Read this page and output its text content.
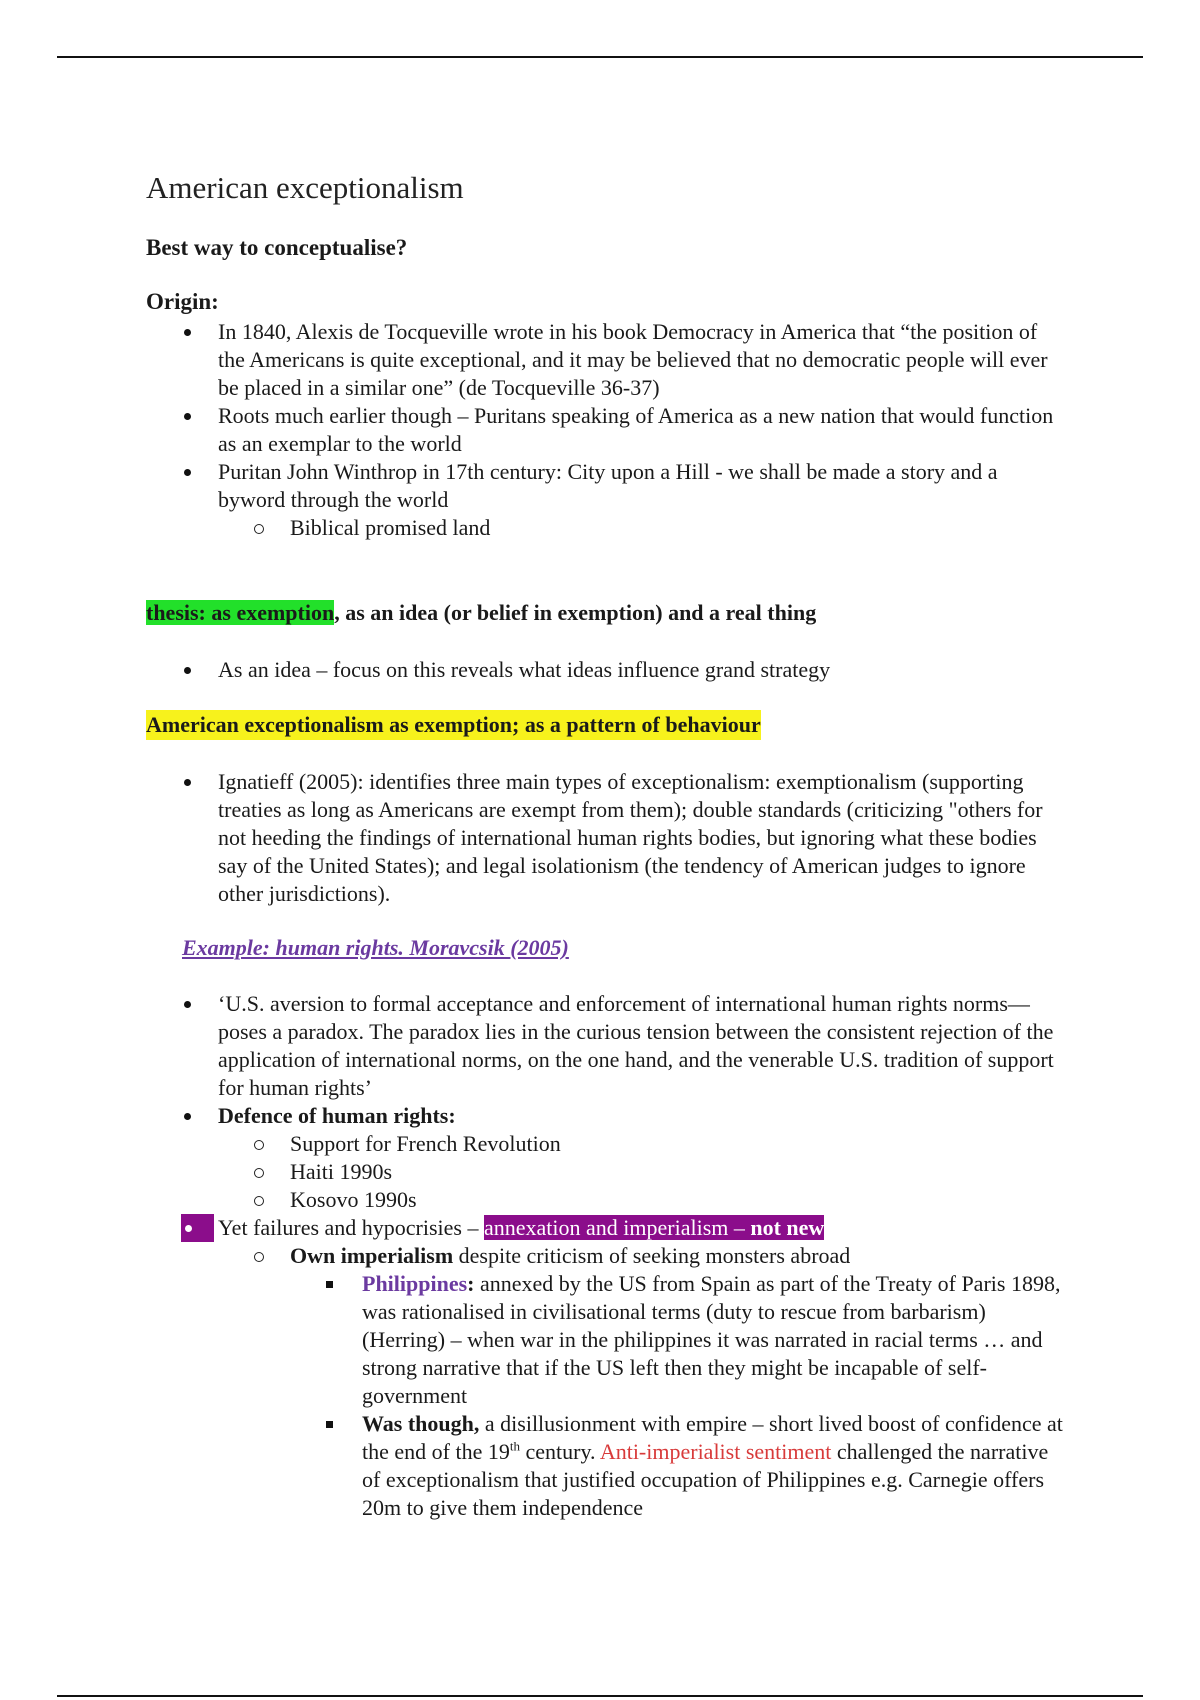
American exceptionalism

Best way to conceptualise?

Origin:

In 1840, Alexis de Tocqueville wrote in his book Democracy in America that “the position of the Americans is quite exceptional, and it may be believed that no democratic people will ever be placed in a similar one” (de Tocqueville 36-37)
Roots much earlier though – Puritans speaking of America as a new nation that would function as an exemplar to the world
Puritan John Winthrop in 17th century: City upon a Hill - we shall be made a story and a byword through the world
Biblical promised land

thesis: as exemption, as an idea (or belief in exemption) and a real thing

As an idea – focus on this reveals what ideas influence grand strategy
American exceptionalism as exemption; as a pattern of behaviour
Ignatieff (2005): identifies three main types of exceptionalism: exemptionalism (supporting treaties as long as Americans are exempt from them); double standards (criticizing "others for not heeding the findings of international human rights bodies, but ignoring what these bodies say of the United States); and legal isolationism (the tendency of American judges to ignore other jurisdictions).
Example: human rights. Moravcsik (2005)
‘U.S. aversion to formal acceptance and enforcement of international human rights norms—poses a paradox. The paradox lies in the curious tension between the consistent rejection of the application of international norms, on the one hand, and the venerable U.S. tradition of support for human rights’
Defence of human rights:
Support for French Revolution
Haiti 1990s
Kosovo 1990s
Yet failures and hypocrisies – annexation and imperialism – not new
Own imperialism despite criticism of seeking monsters abroad
Philippines: annexed by the US from Spain as part of the Treaty of Paris 1898, was rationalised in civilisational terms (duty to rescue from barbarism) (Herring) – when war in the philippines it was narrated in racial terms … and strong narrative that if the US left then they might be incapable of self-government
Was though, a disillusionment with empire – short lived boost of confidence at the end of the 19th century. Anti-imperialist sentiment challenged the narrative of exceptionalism that justified occupation of Philippines e.g. Carnegie offers 20m to give them independence
